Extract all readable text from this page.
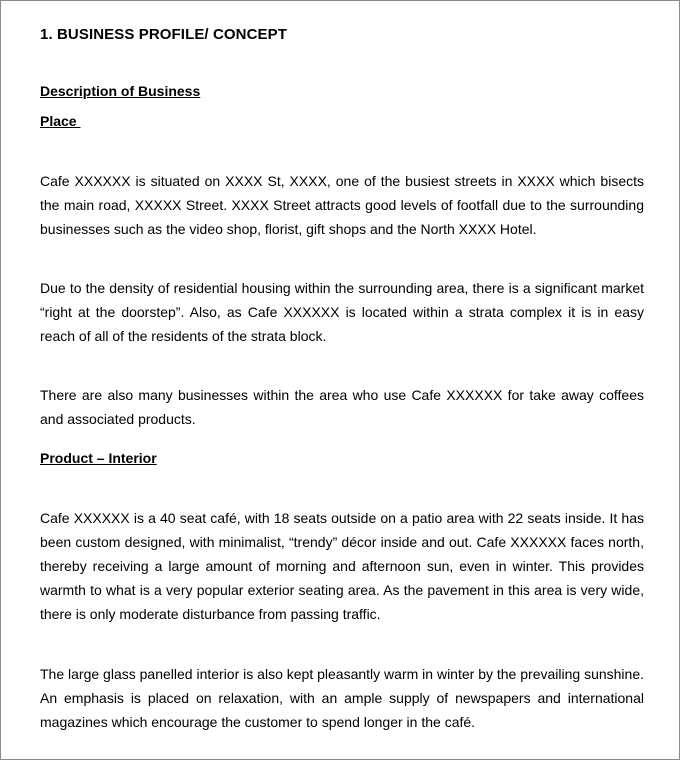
1. BUSINESS PROFILE/ CONCEPT
Description of Business
Place

Cafe XXXXXX is situated on XXXX St, XXXX, one of the busiest streets in XXXX which bisects the main road, XXXXX Street. XXXX Street attracts good levels of footfall due to the surrounding businesses such as the video shop, florist, gift shops and the North XXXX Hotel.

Due to the density of residential housing within the surrounding area, there is a significant market “right at the doorstep”. Also, as Cafe XXXXXX is located within a strata complex it is in easy reach of all of the residents of the strata block.

There are also many businesses within the area who use Cafe XXXXXX for take away coffees and associated products.

Product – Interior

Cafe XXXXXX is a 40 seat café, with 18 seats outside on a patio area with 22 seats inside. It has been custom designed, with minimalist, “trendy” décor inside and out. Cafe XXXXXX faces north, thereby receiving a large amount of morning and afternoon sun, even in winter. This provides warmth to what is a very popular exterior seating area. As the pavement in this area is very wide, there is only moderate disturbance from passing traffic.

The large glass panelled interior is also kept pleasantly warm in winter by the prevailing sunshine. An emphasis is placed on relaxation, with an ample supply of newspapers and international magazines which encourage the customer to spend longer in the café.
